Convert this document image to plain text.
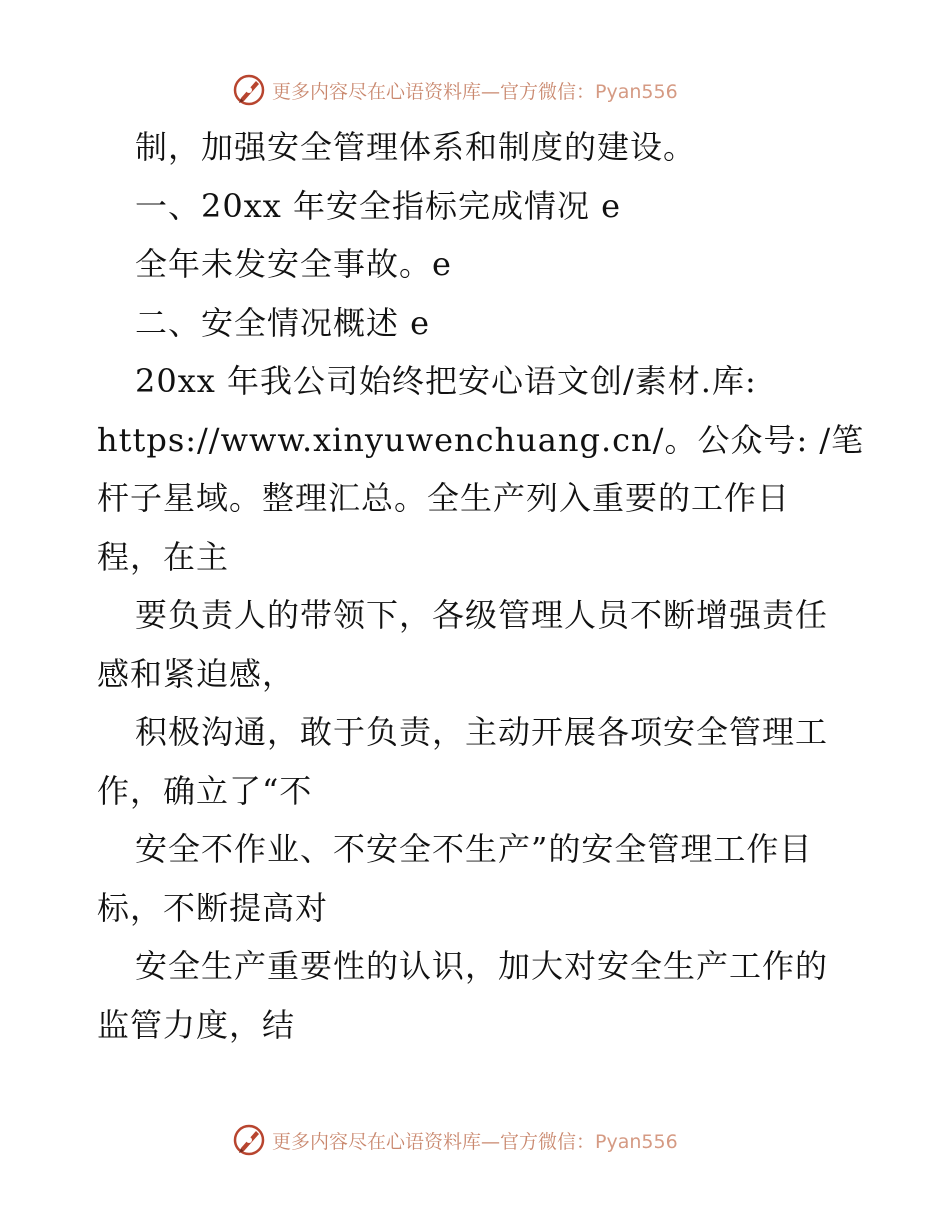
更多内容尽在心语资料库—官方微信：Pyan556
制，加强安全管理体系和制度的建设。
一、20xx 年安全指标完成情况 e
全年未发安全事故。e
二、安全情况概述 e
20xx 年我公司始终把安心语文创/素材.库:
https://www.xinyuwenchuang.cn/。公众号: /笔
杆子星域。整理汇总。全生产列入重要的工作日
程，在主
要负责人的带领下，各级管理人员不断增强责任
感和紧迫感，
积极沟通，敢于负责，主动开展各项安全管理工
作，确立了“不
安全不作业、不安全不生产”的安全管理工作目
标，不断提高对
安全生产重要性的认识，加大对安全生产工作的
监管力度，结
更多内容尽在心语资料库—官方微信：Pyan556
